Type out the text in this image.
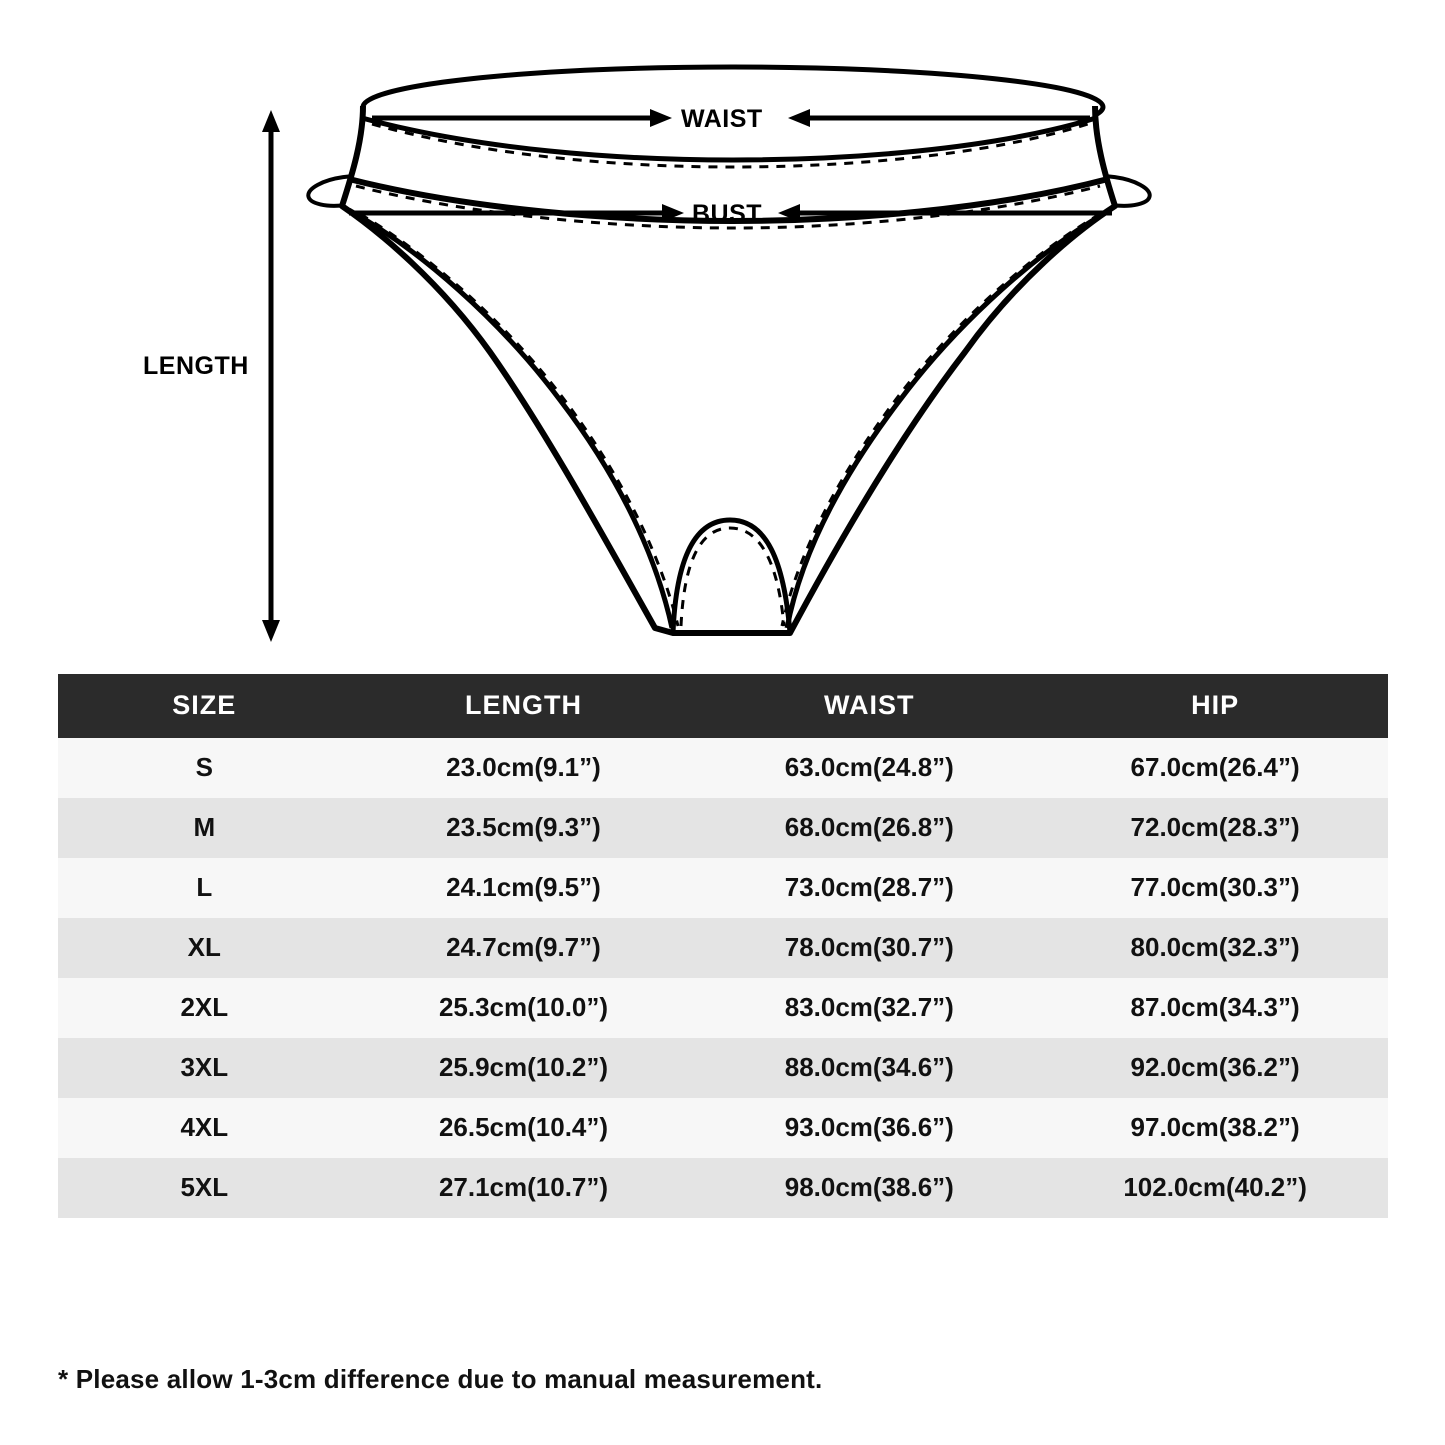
LENGTH
WAIST
BUST
SIZE	LENGTH	WAIST	HIP
S	23.0cm(9.1”)	63.0cm(24.8”)	67.0cm(26.4”)
M	23.5cm(9.3”)	68.0cm(26.8”)	72.0cm(28.3”)
L	24.1cm(9.5”)	73.0cm(28.7”)	77.0cm(30.3”)
XL	24.7cm(9.7”)	78.0cm(30.7”)	80.0cm(32.3”)
2XL	25.3cm(10.0”)	83.0cm(32.7”)	87.0cm(34.3”)
3XL	25.9cm(10.2”)	88.0cm(34.6”)	92.0cm(36.2”)
4XL	26.5cm(10.4”)	93.0cm(36.6”)	97.0cm(38.2”)
5XL	27.1cm(10.7”)	98.0cm(38.6”)	102.0cm(40.2”)
* Please allow 1-3cm difference due to manual measurement.
